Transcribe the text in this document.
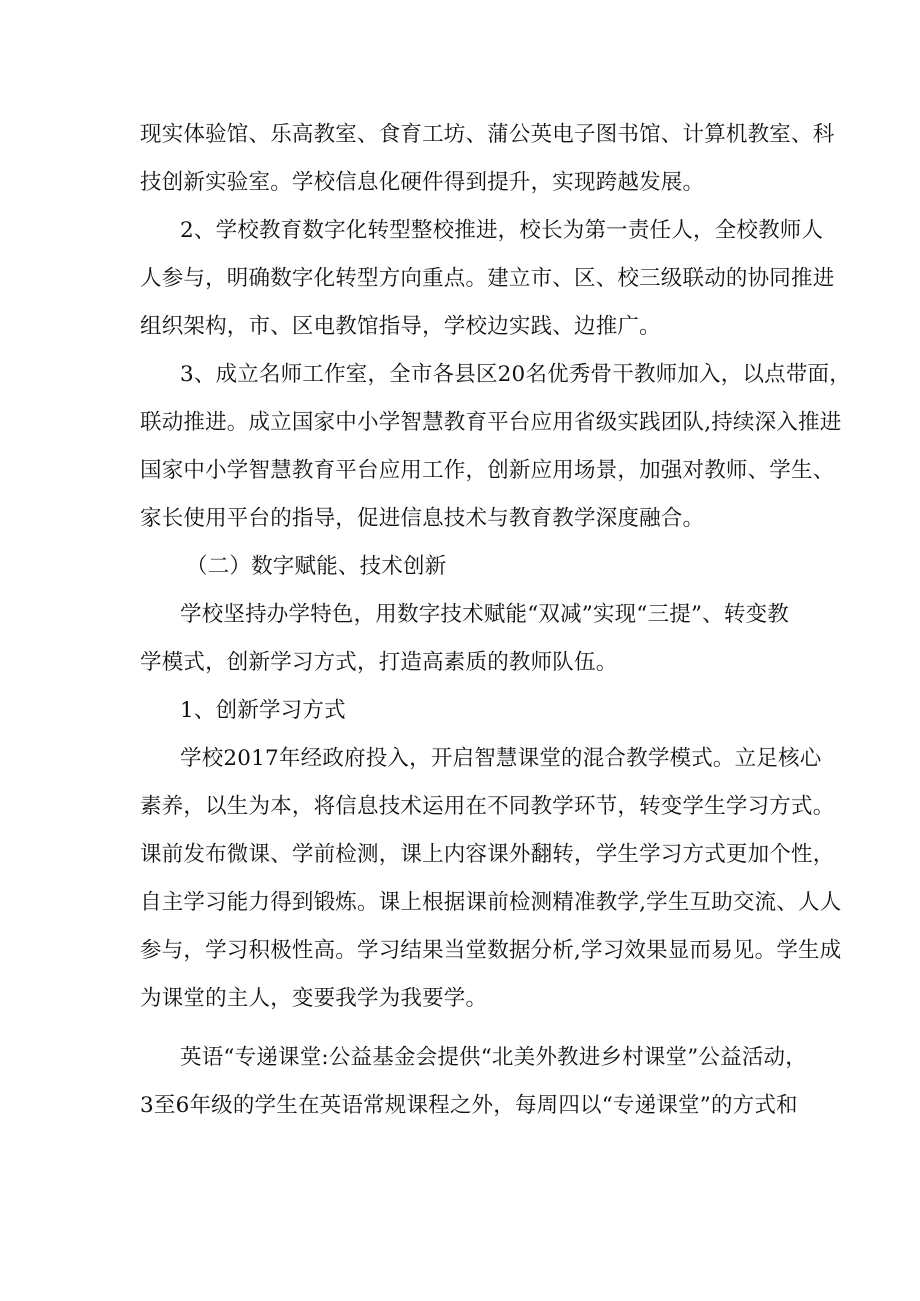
现实体验馆、乐高教室、食育工坊、蒲公英电子图书馆、计算机教室、科
技创新实验室。学校信息化硬件得到提升，实现跨越发展。
2、学校教育数字化转型整校推进，校长为第一责任人，全校教师人
人参与，明确数字化转型方向重点。建立市、区、校三级联动的协同推进
组织架构，市、区电教馆指导，学校边实践、边推广。
3、成立名师工作室，全市各县区20名优秀骨干教师加入，以点带面，
联动推进。成立国家中小学智慧教育平台应用省级实践团队,持续深入推进
国家中小学智慧教育平台应用工作，创新应用场景，加强对教师、学生、
家长使用平台的指导，促进信息技术与教育教学深度融合。
（二）数字赋能、技术创新
学校坚持办学特色，用数字技术赋能“双减”实现“三提”、转变教
学模式，创新学习方式，打造高素质的教师队伍。
1、创新学习方式
学校2017年经政府投入，开启智慧课堂的混合教学模式。立足核心
素养，以生为本，将信息技术运用在不同教学环节，转变学生学习方式。
课前发布微课、学前检测，课上内容课外翻转，学生学习方式更加个性，
自主学习能力得到锻炼。课上根据课前检测精准教学,学生互助交流、人人
参与，学习积极性高。学习结果当堂数据分析,学习效果显而易见。学生成
为课堂的主人，变要我学为我要学。
英语“专递课堂:公益基金会提供“北美外教进乡村课堂”公益活动，
3至6年级的学生在英语常规课程之外，每周四以“专递课堂”的方式和
